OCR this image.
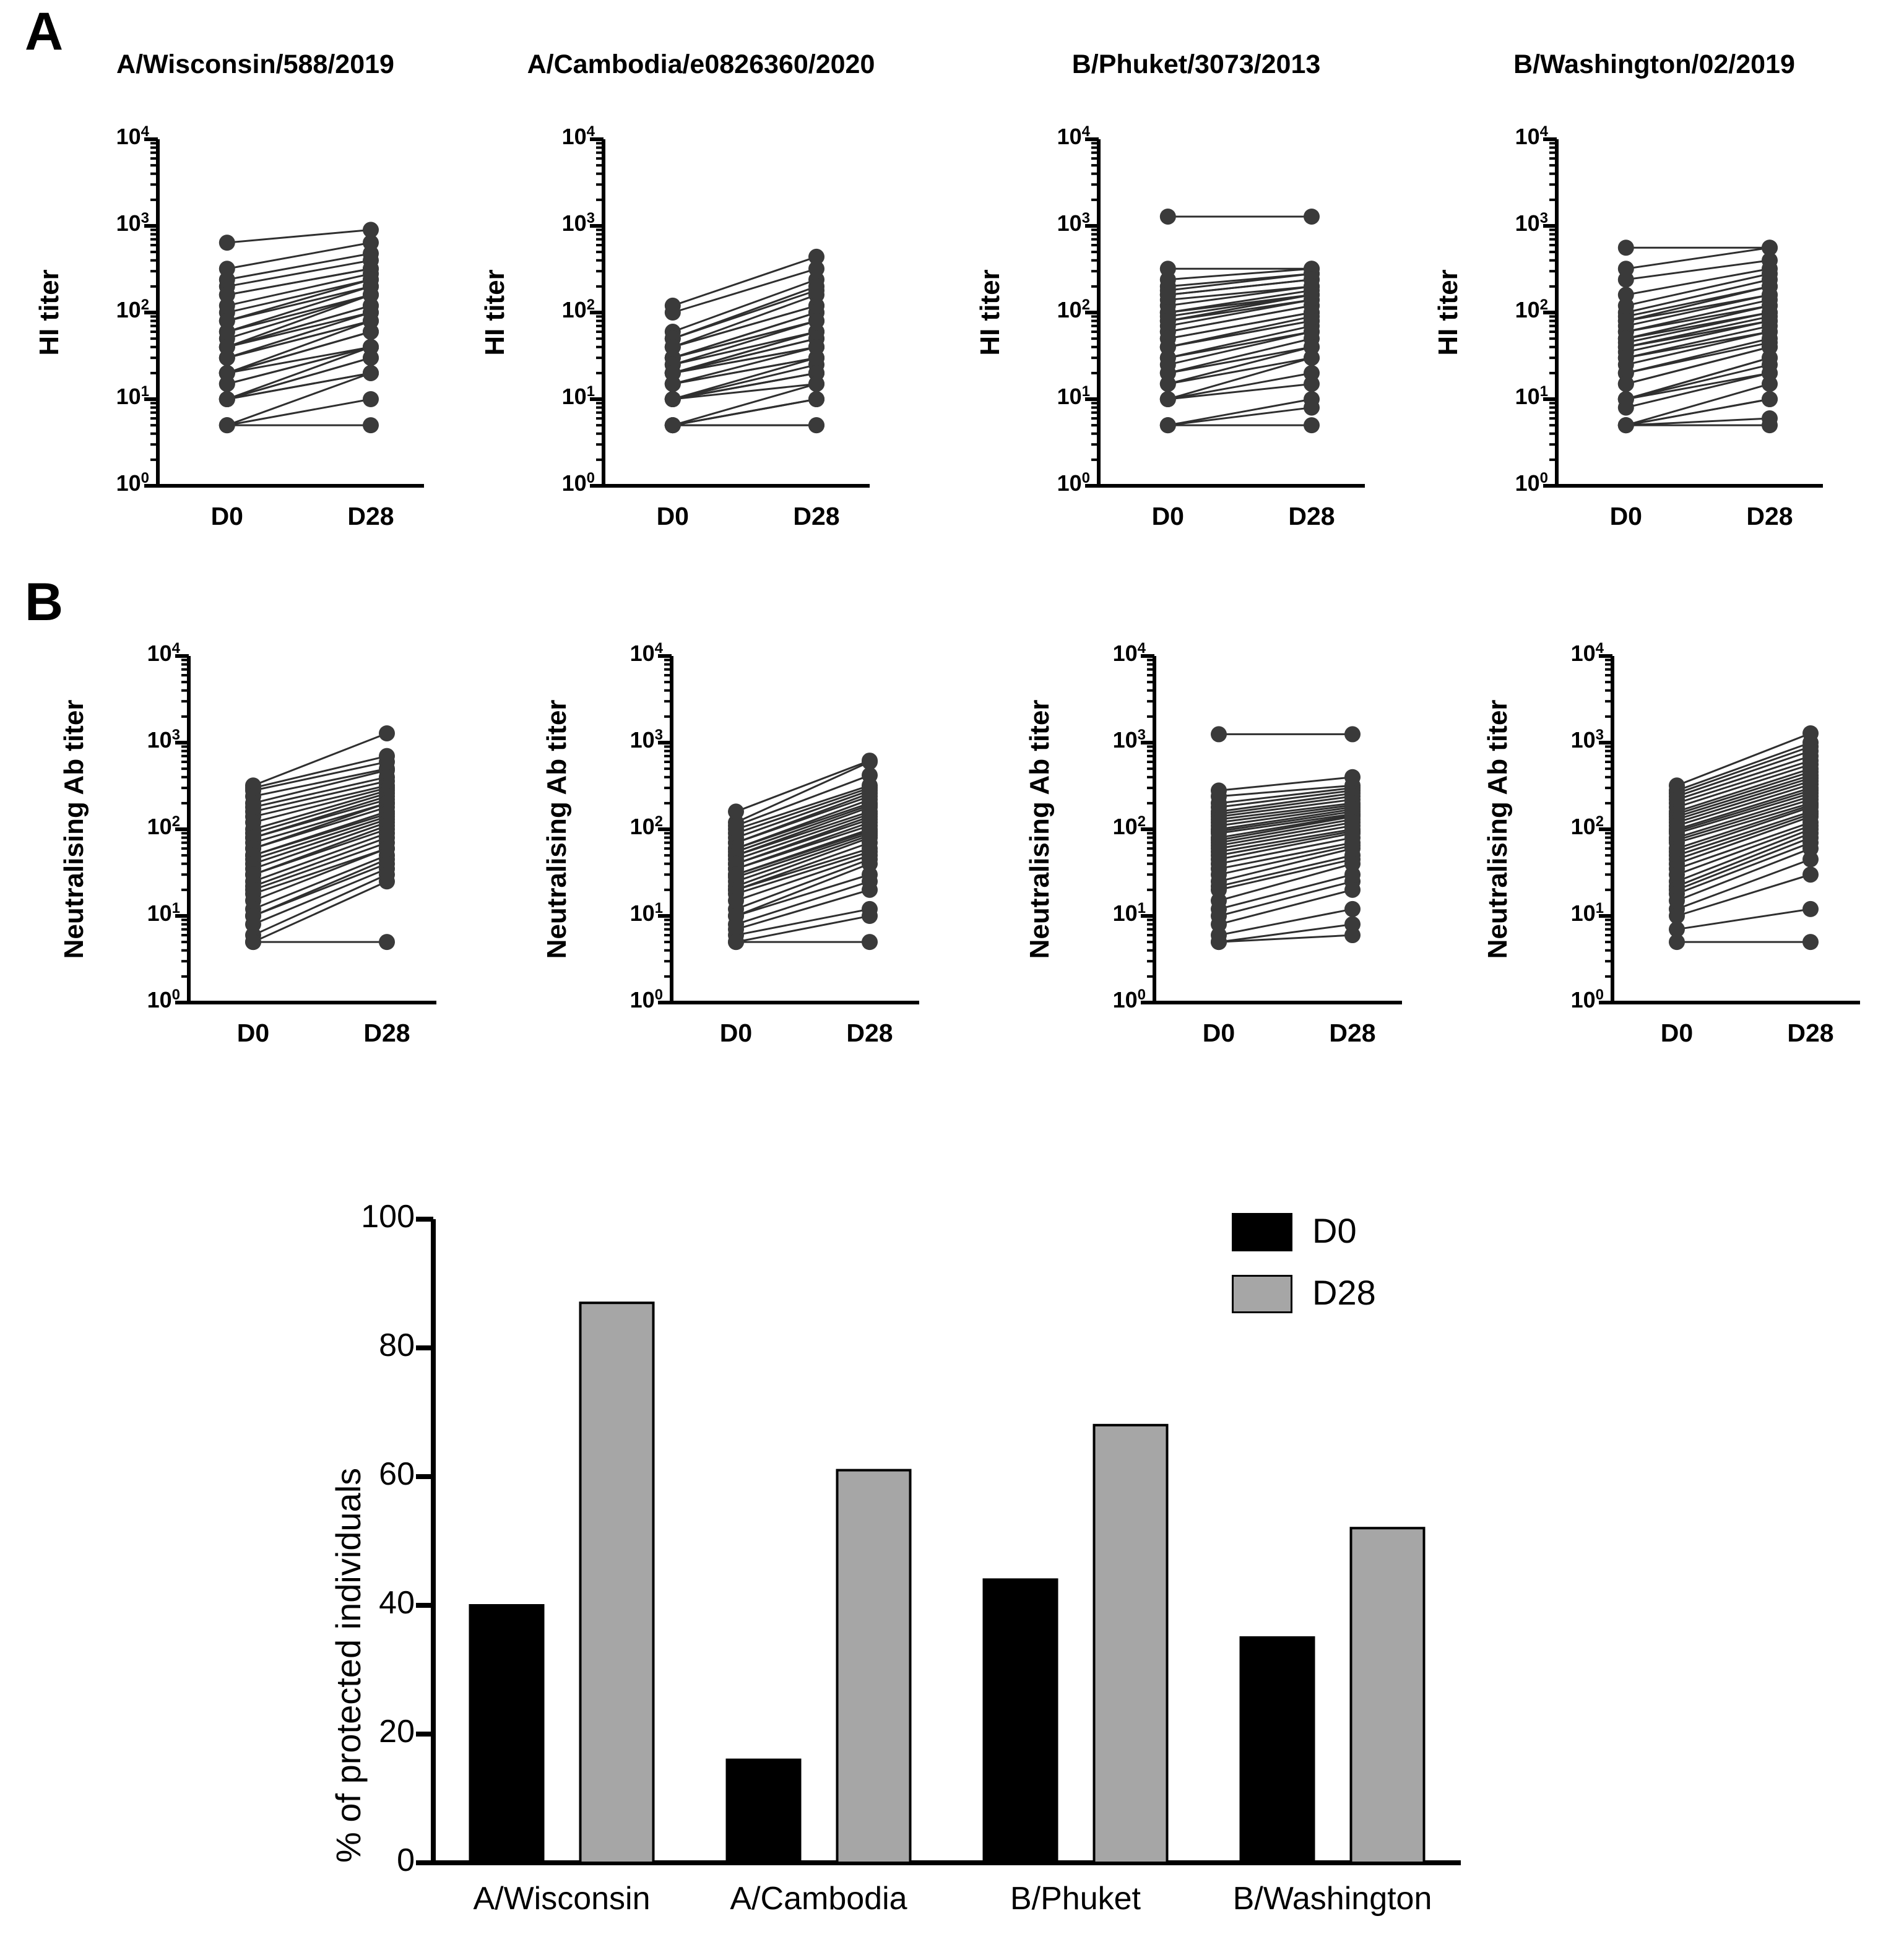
A
B
A/Wisconsin/588/2019
HI titer
$10^4$
$10^3$
$10^2$
$10^1$
$10^0$
D0	D28
A/Cambodia/e0826360/2020
HI titer
$10^4$
$10^3$
$10^2$
$10^1$
$10^0$
D0	D28
B/Phuket/3073/2013
HI titer
$10^4$
$10^3$
$10^2$
$10^1$
$10^0$
D0	D28
B/Washington/02/2019
HI titer
$10^4$
$10^3$
$10^2$
$10^1$
$10^0$
D0	D28
Neutralising Ab titer
$10^4$
$10^3$
$10^2$
$10^1$
$10^0$
D0	D28
Neutralising Ab titer
$10^4$
$10^3$
$10^2$
$10^1$
$10^0$
D0	D28
Neutralising Ab titer
$10^4$
$10^3$
$10^2$
$10^1$
$10^0$
D0	D28
Neutralising Ab titer
$10^4$
$10^3$
$10^2$
$10^1$
$10^0$
D0	D28
% of protected individuals 0
20
40
60
80
100
A/Wisconsin	A/Cambodia	B/Phuket	B/Washington
D0
D28
